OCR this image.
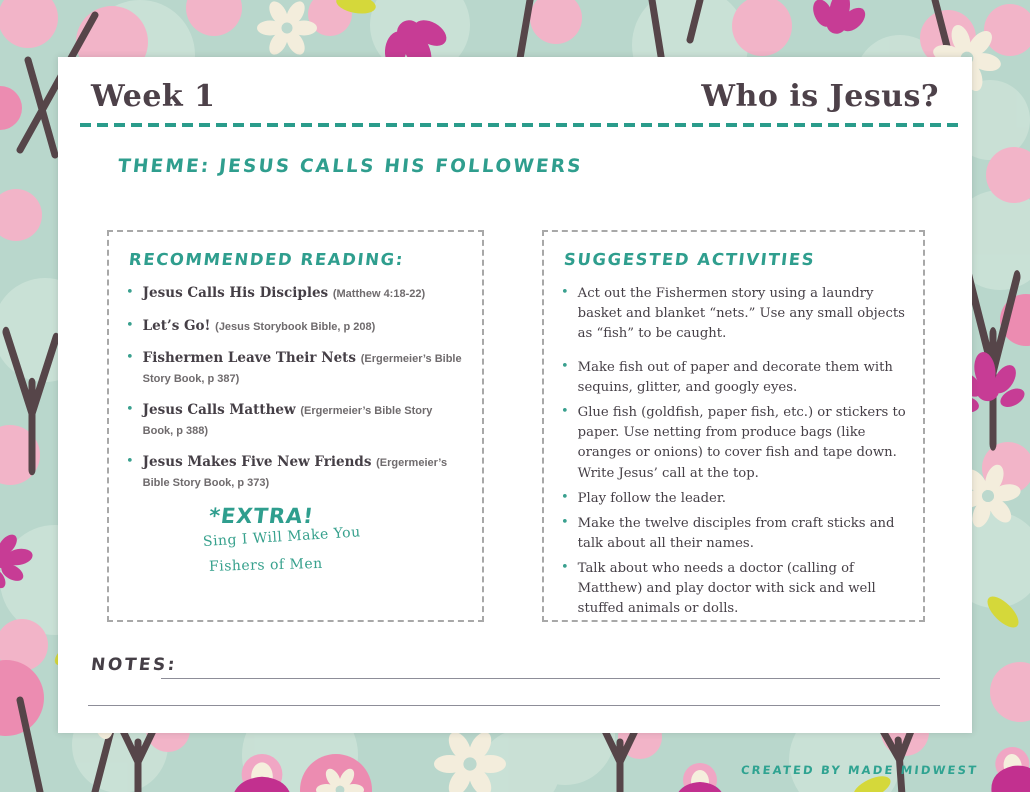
Week 1	Who is Jesus?
THEME: JESUS CALLS HIS FOLLOWERS
RECOMMENDED READING:
• Jesus Calls His Disciples (Matthew 4:18-22)
• Let’s Go! (Jesus Storybook Bible, p 208)
• Fishermen Leave Their Nets (Ergermeier’s Bible Story Book, p 387)
• Jesus Calls Matthew (Ergermeier’s Bible Story Book, p 388)
• Jesus Makes Five New Friends (Ergermeier’s Bible Story Book, p 373)
*EXTRA!
Sing I Will Make You
Fishers of Men
SUGGESTED ACTIVITIES
• Act out the Fishermen story using a laundry basket and blanket “nets.” Use any small objects as “fish” to be caught.
• Make fish out of paper and decorate them with sequins, glitter, and googly eyes.
• Glue fish (goldfish, paper fish, etc.) or stickers to paper. Use netting from produce bags (like oranges or onions) to cover fish and tape down. Write Jesus’ call at the top.
• Play follow the leader.
• Make the twelve disciples from craft sticks and talk about all their names.
• Talk about who needs a doctor (calling of Matthew) and play doctor with sick and well stuffed animals or dolls.
NOTES:
CREATED BY MADE MIDWEST
